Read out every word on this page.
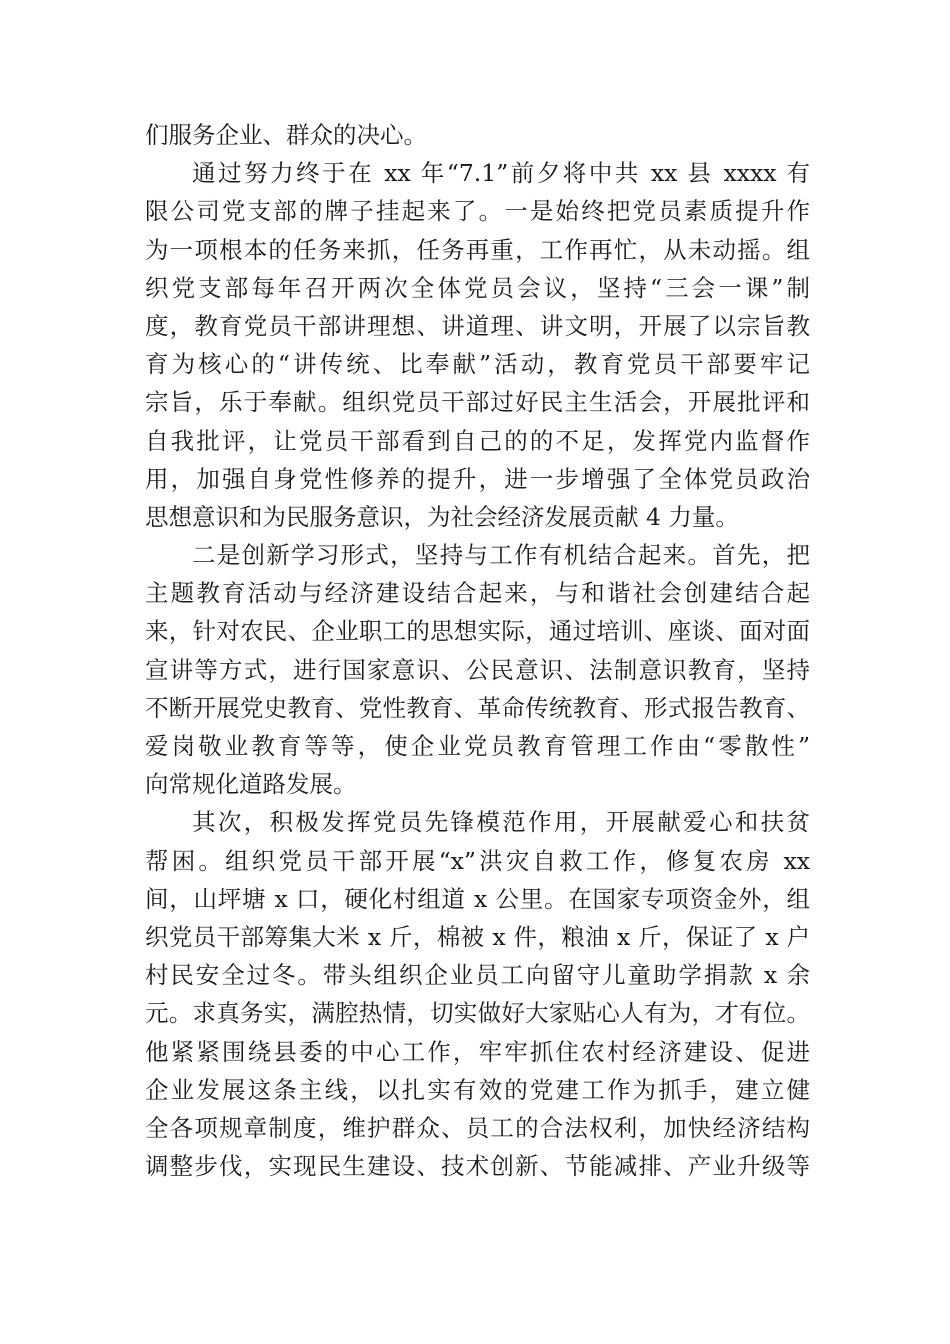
们服务企业、群众的决心。
通过努力终于在 xx 年“7.1”前夕将中共 xx 县 xxxx 有
限公司党支部的牌子挂起来了。一是始终把党员素质提升作
为一项根本的任务来抓，任务再重，工作再忙，从未动摇。组
织党支部每年召开两次全体党员会议，坚持“三会一课”制
度，教育党员干部讲理想、讲道理、讲文明，开展了以宗旨教
育为核心的“讲传统、比奉献”活动，教育党员干部要牢记
宗旨，乐于奉献。组织党员干部过好民主生活会，开展批评和
自我批评，让党员干部看到自己的的不足，发挥党内监督作
用，加强自身党性修养的提升，进一步增强了全体党员政治
思想意识和为民服务意识，为社会经济发展贡献 4 力量。
二是创新学习形式，坚持与工作有机结合起来。首先，把
主题教育活动与经济建设结合起来，与和谐社会创建结合起
来，针对农民、企业职工的思想实际，通过培训、座谈、面对面
宣讲等方式，进行国家意识、公民意识、法制意识教育，坚持
不断开展党史教育、党性教育、革命传统教育、形式报告教育、
爱岗敬业教育等等，使企业党员教育管理工作由“零散性”
向常规化道路发展。
其次，积极发挥党员先锋模范作用，开展献爱心和扶贫
帮困。组织党员干部开展“x”洪灾自救工作，修复农房 xx
间，山坪塘 x 口，硬化村组道 x 公里。在国家专项资金外，组
织党员干部筹集大米 x 斤，棉被 x 件，粮油 x 斤，保证了 x 户
村民安全过冬。带头组织企业员工向留守儿童助学捐款 x 余
元。求真务实，满腔热情，切实做好大家贴心人有为，才有位。
他紧紧围绕县委的中心工作，牢牢抓住农村经济建设、促进
企业发展这条主线，以扎实有效的党建工作为抓手，建立健
全各项规章制度，维护群众、员工的合法权利，加快经济结构
调整步伐，实现民生建设、技术创新、节能减排、产业升级等
